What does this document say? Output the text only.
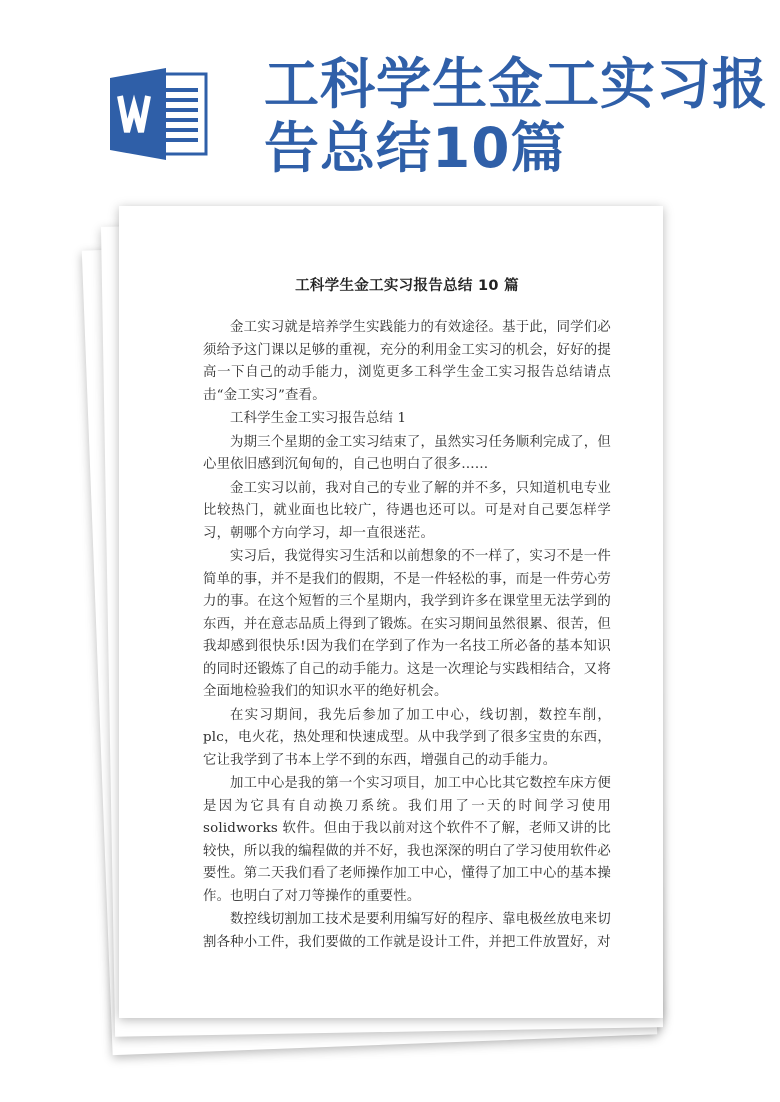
工科学生金工实习报告总结10篇
工科学生金工实习报告总结 10 篇

金工实习就是培养学生实践能力的有效途径。基于此，同学们必须给予这门课以足够的重视，充分的利用金工实习的机会，好好的提高一下自己的动手能力，浏览更多工科学生金工实习报告总结请点击“金工实习”查看。

工科学生金工实习报告总结 1

为期三个星期的金工实习结束了，虽然实习任务顺利完成了，但心里依旧感到沉甸甸的，自己也明白了很多……

金工实习以前，我对自己的专业了解的并不多，只知道机电专业比较热门，就业面也比较广，待遇也还可以。可是对自己要怎样学习，朝哪个方向学习，却一直很迷茫。

实习后，我觉得实习生活和以前想象的不一样了，实习不是一件简单的事，并不是我们的假期，不是一件轻松的事，而是一件劳心劳力的事。在这个短暂的三个星期内，我学到许多在课堂里无法学到的东西，并在意志品质上得到了锻炼。在实习期间虽然很累、很苦，但我却感到很快乐!因为我们在学到了作为一名技工所必备的基本知识的同时还锻炼了自己的动手能力。这是一次理论与实践相结合，又将全面地检验我们的知识水平的绝好机会。

在实习期间，我先后参加了加工中心，线切割，数控车削，plc，电火花，热处理和快速成型。从中我学到了很多宝贵的东西，它让我学到了书本上学不到的东西，增强自己的动手能力。

加工中心是我的第一个实习项目，加工中心比其它数控车床方便是因为它具有自动换刀系统。我们用了一天的时间学习使用solidworks 软件。但由于我以前对这个软件不了解，老师又讲的比较快，所以我的编程做的并不好，我也深深的明白了学习使用软件必要性。第二天我们看了老师操作加工中心，懂得了加工中心的基本操作。也明白了对刀等操作的重要性。

数控线切割加工技术是要利用编写好的程序、靠电极丝放电来切割各种小工件，我们要做的工作就是设计工件，并把工件放置好，对
